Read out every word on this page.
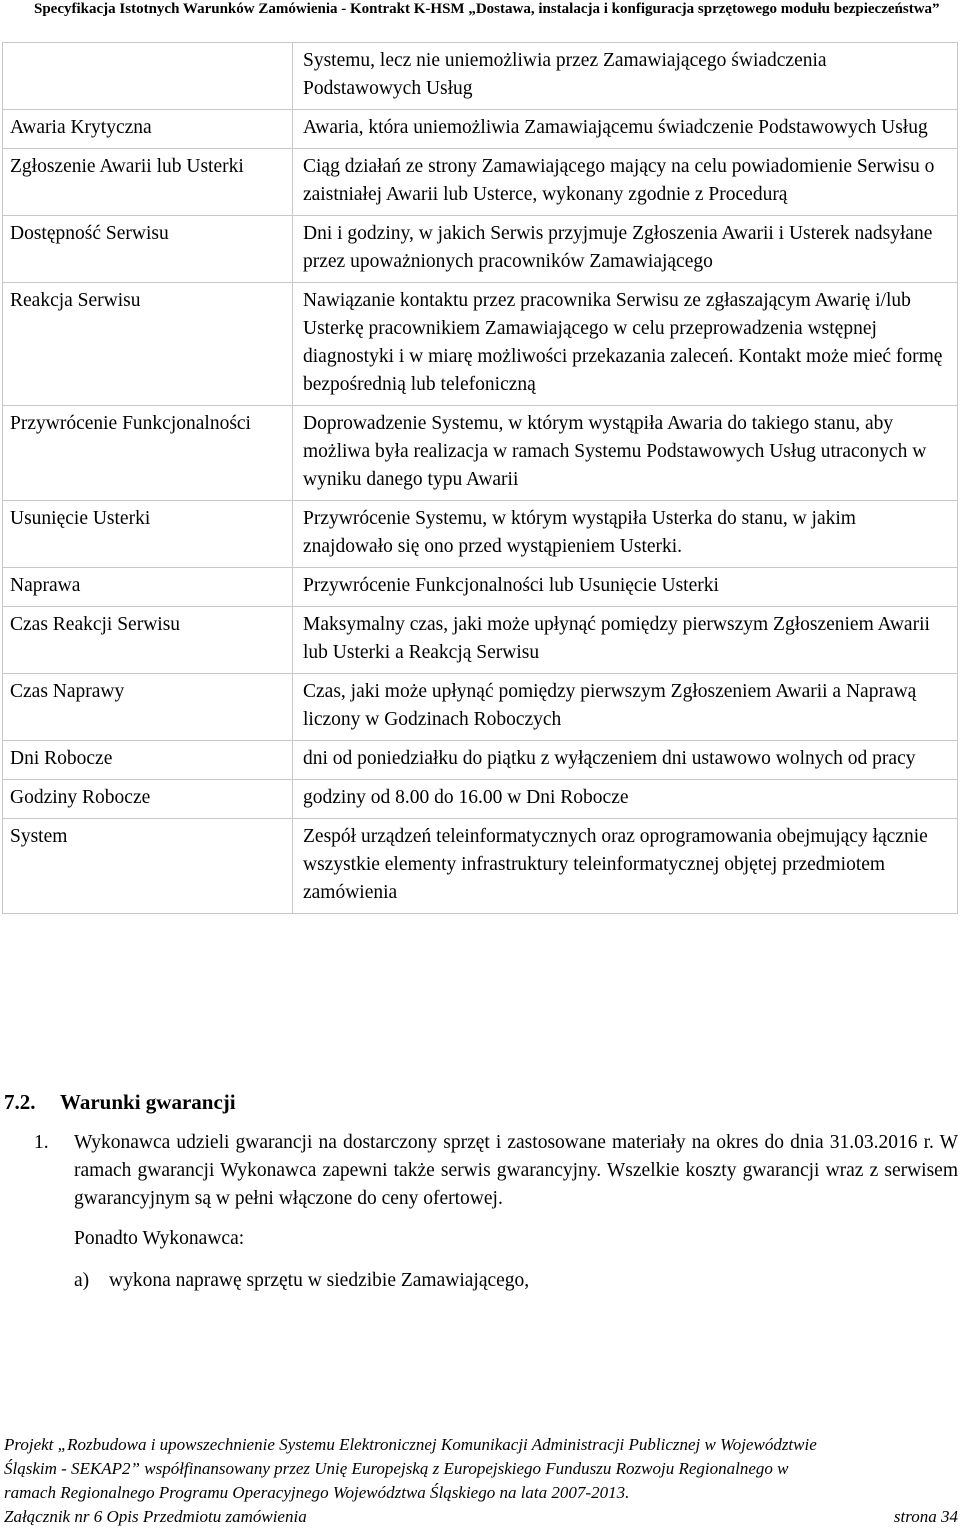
Specyfikacja Istotnych Warunków Zamówienia - Kontrakt K-HSM „Dostawa, instalacja i konfiguracja sprzętowego modułu bezpieczeństwa”
	Systemu, lecz nie uniemożliwia przez Zamawiającego świadczenia Podstawowych Usług
Awaria Krytyczna	Awaria, która uniemożliwia Zamawiającemu świadczenie Podstawowych Usług
Zgłoszenie Awarii lub Usterki	Ciąg działań ze strony Zamawiającego mający na celu powiadomienie Serwisu o zaistniałej Awarii lub Usterce, wykonany zgodnie z Procedurą
Dostępność Serwisu	Dni i godziny, w jakich Serwis przyjmuje Zgłoszenia Awarii i Usterek nadsyłane przez upoważnionych pracowników Zamawiającego
Reakcja Serwisu	Nawiązanie kontaktu przez pracownika Serwisu ze zgłaszającym Awarię i/lub Usterkę pracownikiem Zamawiającego w celu przeprowadzenia wstępnej diagnostyki i w miarę możliwości przekazania zaleceń. Kontakt może mieć formę bezpośrednią lub telefoniczną
Przywrócenie Funkcjonalności	Doprowadzenie Systemu, w którym wystąpiła Awaria do takiego stanu, aby możliwa była realizacja w ramach Systemu Podstawowych Usług utraconych w wyniku danego typu Awarii
Usunięcie Usterki	Przywrócenie Systemu, w którym wystąpiła Usterka do stanu, w jakim znajdowało się ono przed wystąpieniem Usterki.
Naprawa	Przywrócenie Funkcjonalności lub Usunięcie Usterki
Czas Reakcji Serwisu	Maksymalny czas, jaki może upłynąć pomiędzy pierwszym Zgłoszeniem Awarii lub Usterki a Reakcją Serwisu
Czas Naprawy	Czas, jaki może upłynąć pomiędzy pierwszym Zgłoszeniem Awarii a Naprawą liczony w Godzinach Roboczych
Dni Robocze	dni od poniedziałku do piątku z wyłączeniem dni ustawowo wolnych od pracy
Godziny Robocze	godziny od 8.00 do 16.00 w Dni Robocze
System	Zespół urządzeń teleinformatycznych oraz oprogramowania obejmujący łącznie wszystkie elementy infrastruktury teleinformatycznej objętej przedmiotem zamówienia
7.2. Warunki gwarancji
1.	Wykonawca udzieli gwarancji na dostarczony sprzęt i zastosowane materiały na okres do dnia 31.03.2016 r. W ramach gwarancji Wykonawca zapewni także serwis gwarancyjny. Wszelkie koszty gwarancji wraz z serwisem gwarancyjnym są w pełni włączone do ceny ofertowej.
Ponadto Wykonawca:
a)	wykona naprawę sprzętu w siedzibie Zamawiającego,
Projekt „Rozbudowa i upowszechnienie Systemu Elektronicznej Komunikacji Administracji Publicznej w Województwie
Śląskim - SEKAP2” współfinansowany przez Unię Europejską z Europejskiego Funduszu Rozwoju Regionalnego w
ramach Regionalnego Programu Operacyjnego Województwa Śląskiego na lata 2007-2013.
Załącznik nr 6 Opis Przedmiotu zamówienia	strona 34
